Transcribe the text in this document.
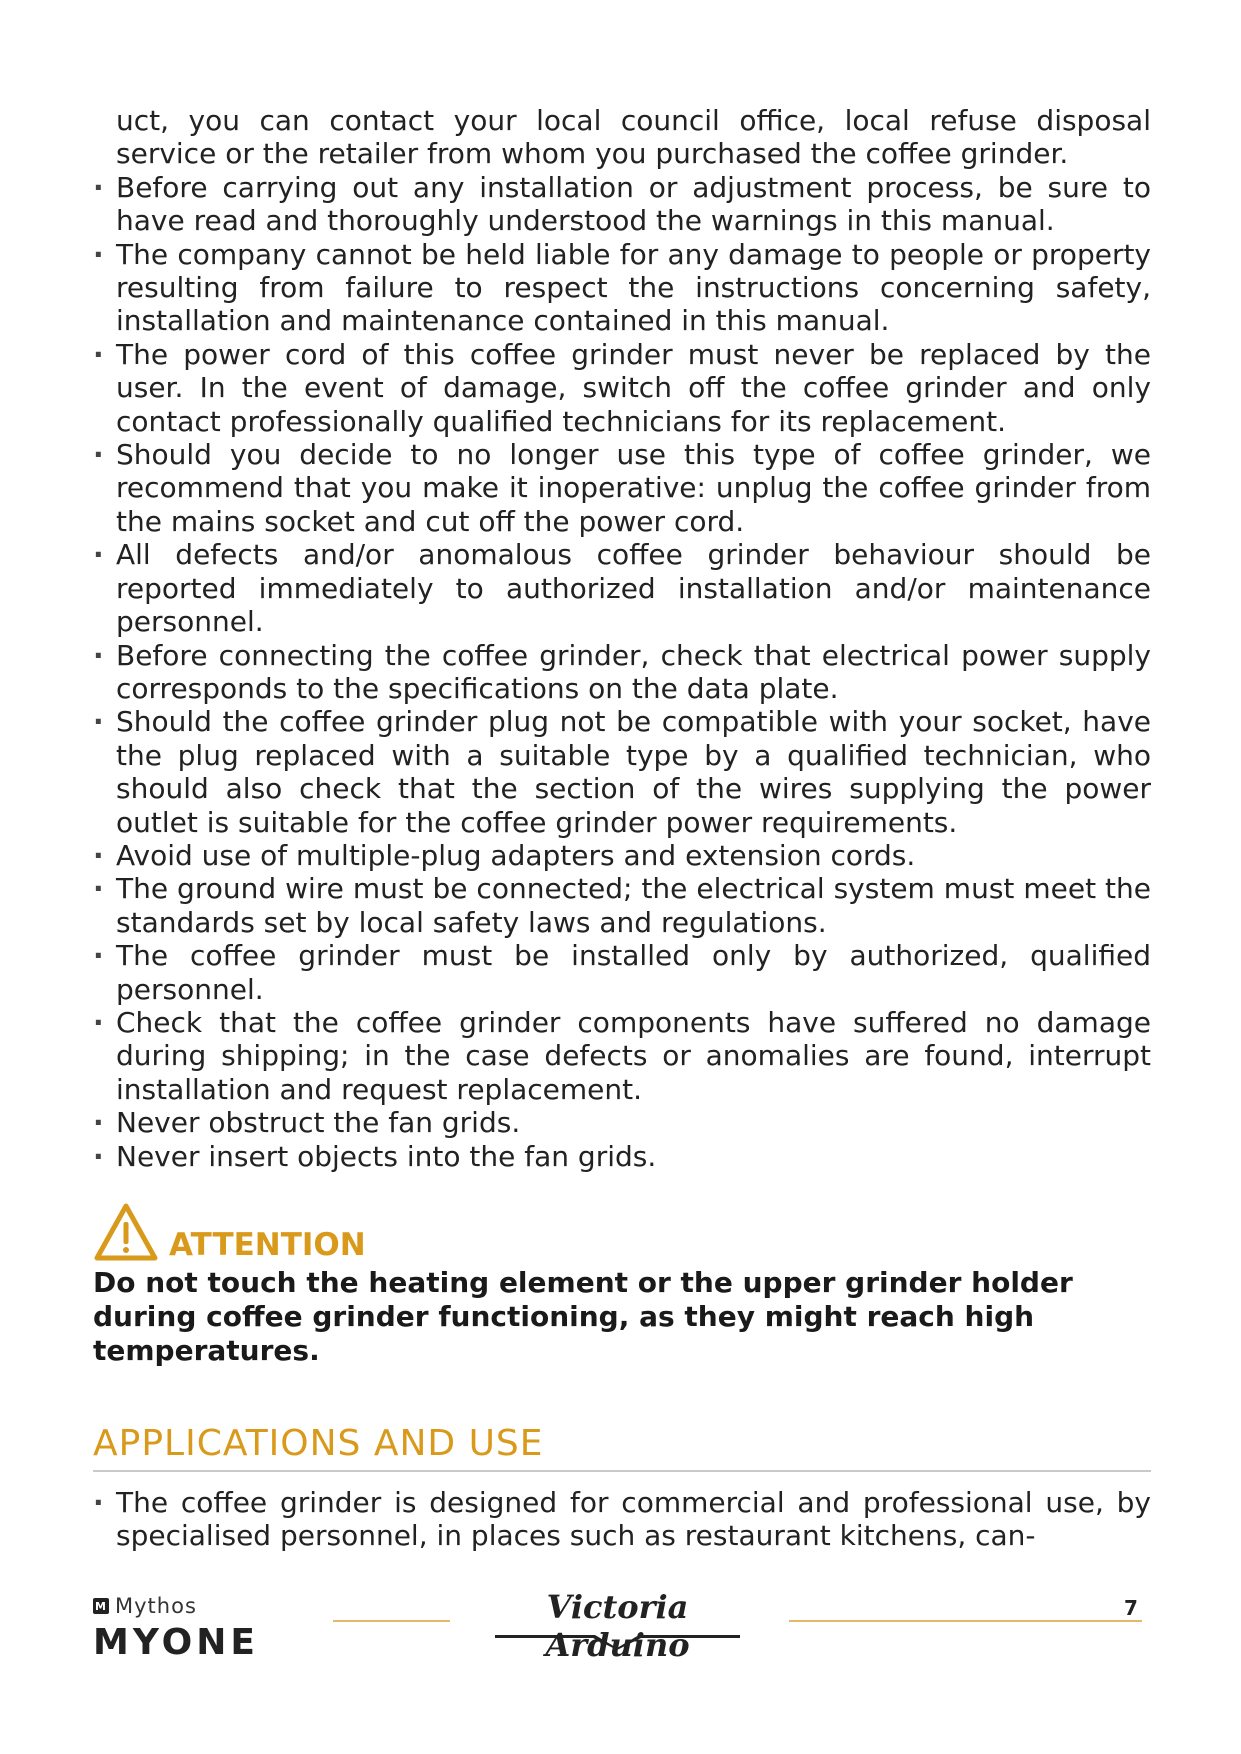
uct, you can contact your local council office, local refuse disposal service or the retailer from whom you purchased the coffee grinder.

· Before carrying out any installation or adjustment process, be sure to have read and thoroughly understood the warnings in this manual.
· The company cannot be held liable for any damage to people or property resulting from failure to respect the instructions concerning safety, installation and maintenance contained in this manual.
· The power cord of this coffee grinder must never be replaced by the user. In the event of damage, switch off the coffee grinder and only contact professionally qualified technicians for its replacement.
· Should you decide to no longer use this type of coffee grinder, we recommend that you make it inoperative: unplug the coffee grinder from the mains socket and cut off the power cord.
· All defects and/or anomalous coffee grinder behaviour should be reported immediately to authorized installation and/or maintenance personnel.
· Before connecting the coffee grinder, check that electrical power supply corresponds to the specifications on the data plate.
· Should the coffee grinder plug not be compatible with your socket, have the plug replaced with a suitable type by a qualified technician, who should also check that the section of the wires supplying the power outlet is suitable for the coffee grinder power requirements.
· Avoid use of multiple-plug adapters and extension cords.
· The ground wire must be connected; the electrical system must meet the standards set by local safety laws and regulations.
· The coffee grinder must be installed only by authorized, qualified personnel.
· Check that the coffee grinder components have suffered no damage during shipping; in the case defects or anomalies are found, interrupt installation and request replacement.
· Never obstruct the fan grids.
· Never insert objects into the fan grids.
ATTENTION
Do not touch the heating element or the upper grinder holder during coffee grinder functioning, as they might reach high temperatures.
APPLICATIONS AND USE
· The coffee grinder is designed for commercial and professional use, by specialised personnel, in places such as restaurant kitchens, can-
M Mythos
MYONE
Victoria Arduino
7
